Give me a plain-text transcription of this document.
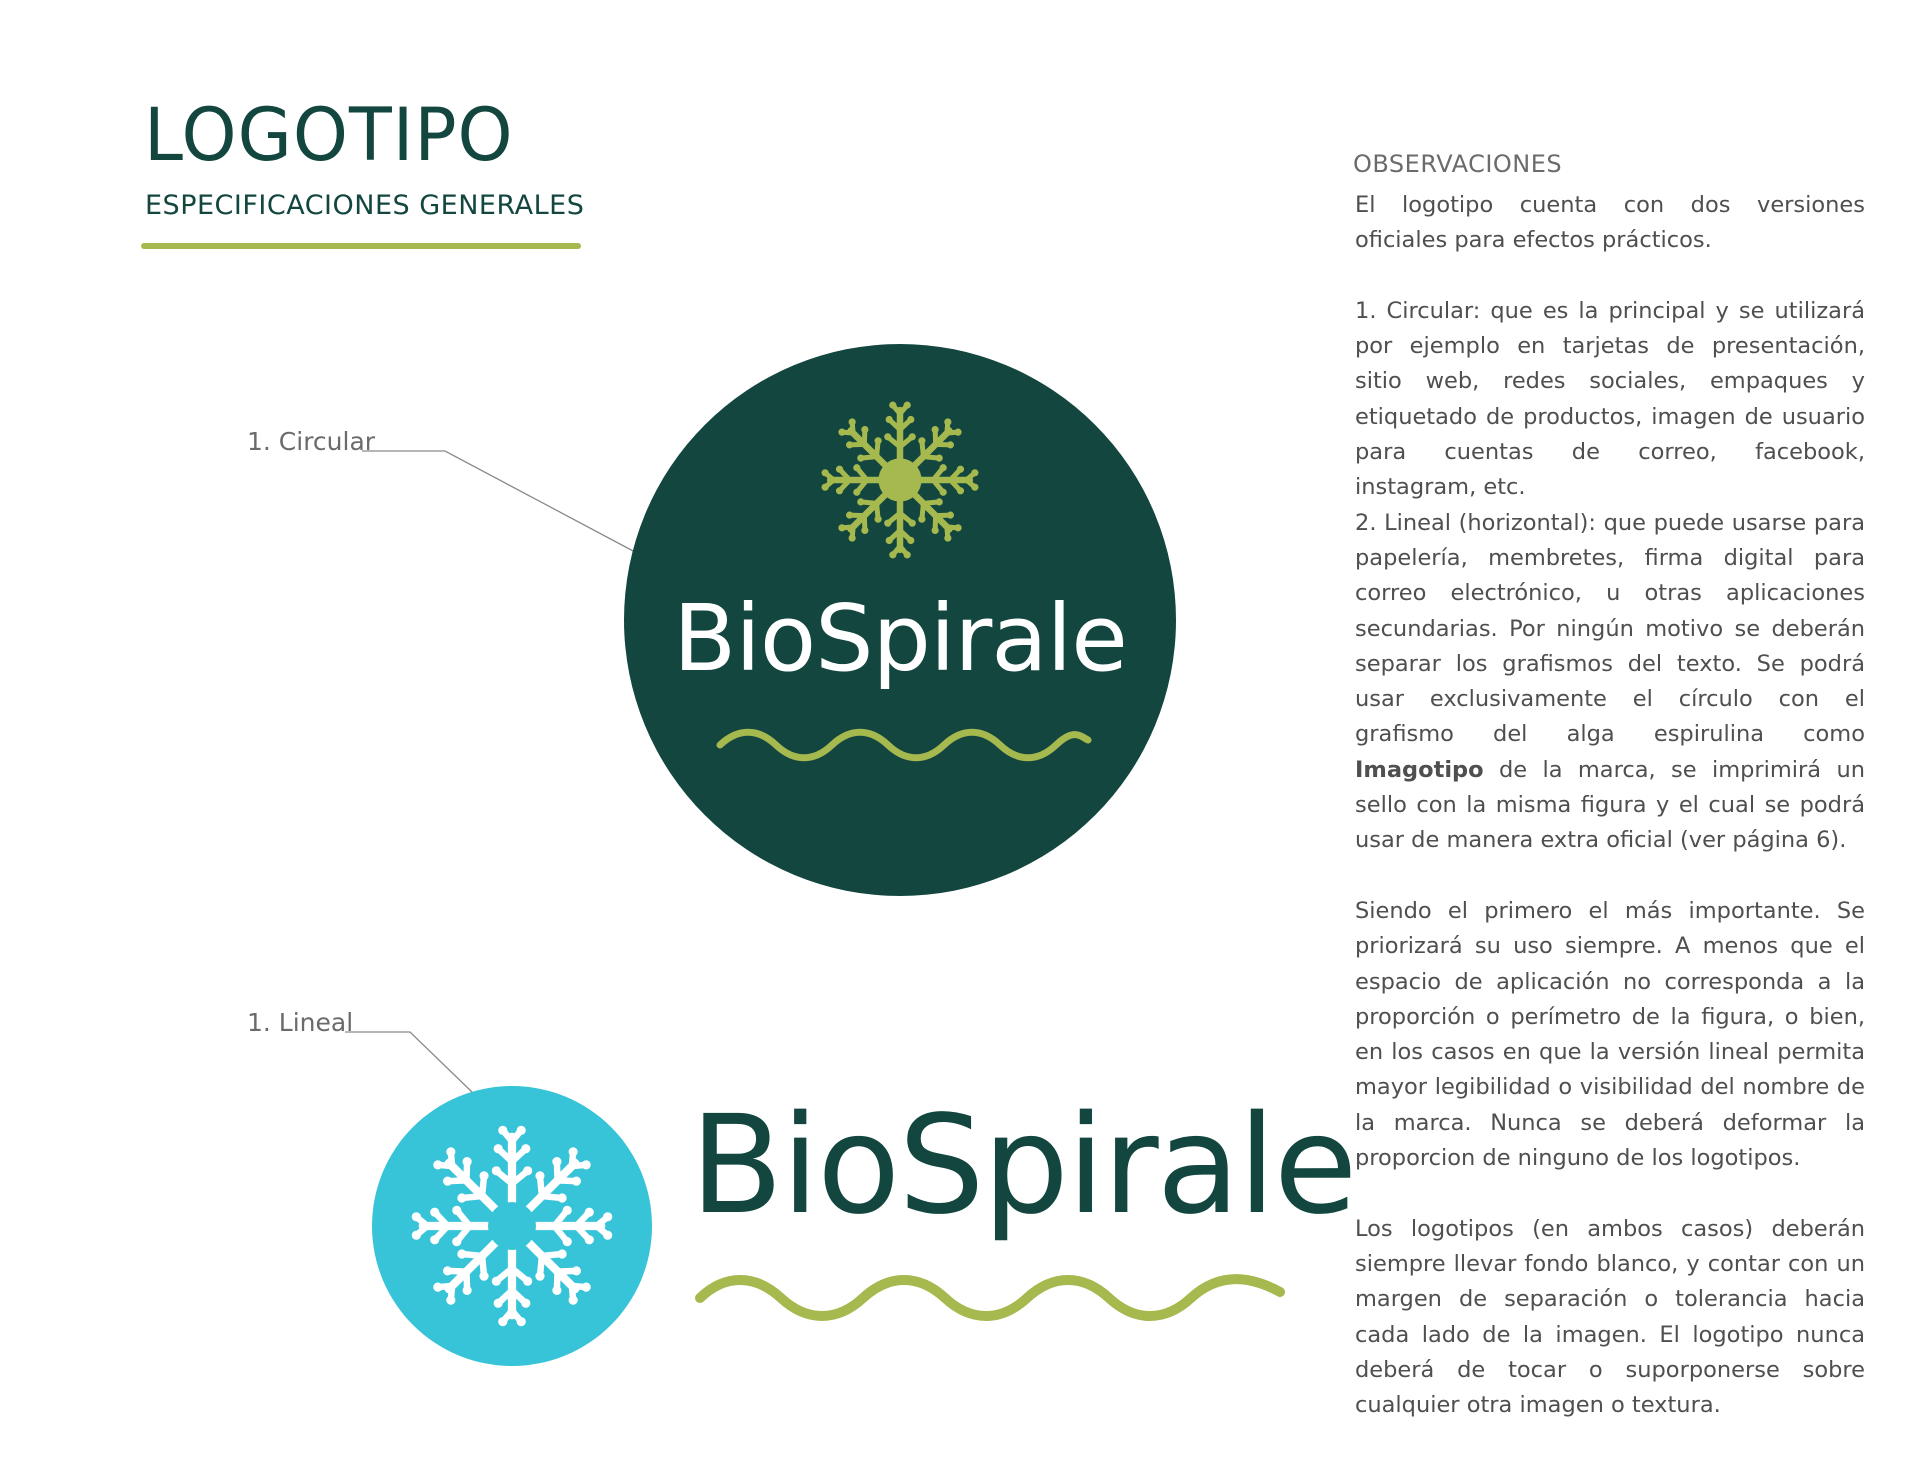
LOGOTIPO
ESPECIFICACIONES GENERALES
1. Circular
1. Lineal
BioSpirale
BioSpirale
OBSERVACIONES

El logotipo cuenta con dos versiones oficiales para efectos prácticos.

1. Circular: que es la principal y se utilizará por ejemplo en tarjetas de presentación, sitio web, redes sociales, empaques y etiquetado de productos, imagen de usuario para cuentas de correo, facebook, instagram, etc.

2. Lineal (horizontal): que puede usarse para papelería, membretes, firma digital para correo electrónico, u otras aplicaciones secundarias. Por ningún motivo se deberán separar los grafismos del texto. Se podrá usar exclusivamente el círculo con el grafismo del alga espirulina como Imagotipo de la marca, se imprimirá un sello con la misma figura y el cual se podrá usar de manera extra oficial (ver página 6).

Siendo el primero el más importante. Se priorizará su uso siempre. A menos que el espacio de aplicación no corresponda a la proporción o perímetro de la figura, o bien, en los casos en que la versión lineal permita mayor legibilidad o visibilidad del nombre de la marca. Nunca se deberá deformar la proporcion de ninguno de los logotipos.

Los logotipos (en ambos casos) deberán siempre llevar fondo blanco, y contar con un margen de separación o tolerancia hacia cada lado de la imagen. El logotipo nunca deberá de tocar o suporponerse sobre cualquier otra imagen o textura.
